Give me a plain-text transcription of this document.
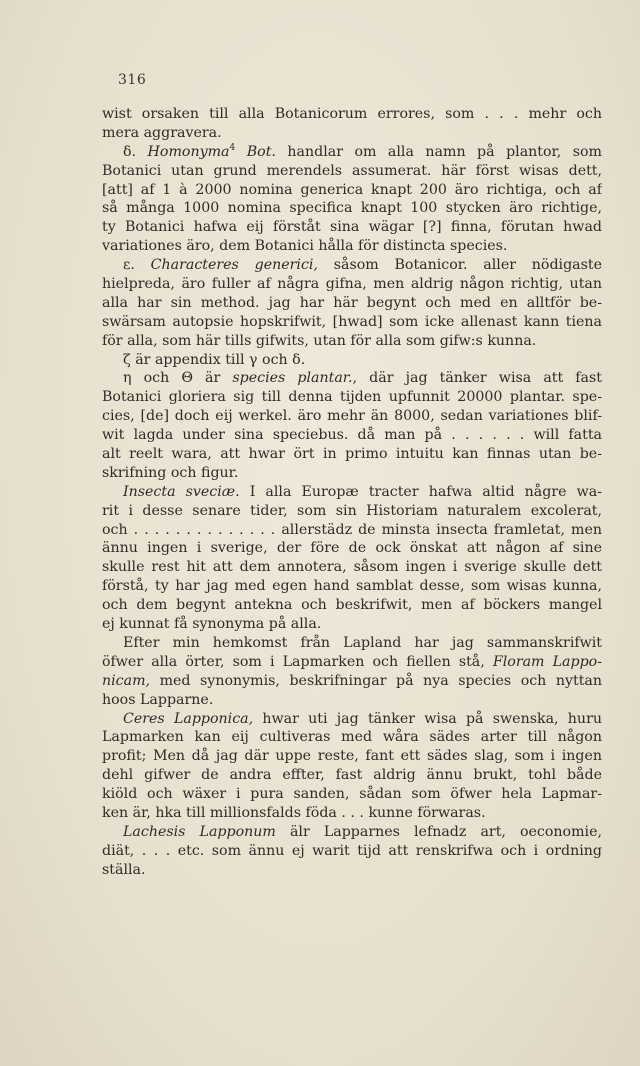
316
wist orsaken till alla Botanicorum errores, som . . . mehr och
mera aggravera.
δ. Homonyma$^4$ Bot. handlar om alla namn på plantor, som
Botanici utan grund merendels assumerat. här först wisas dett,
[att] af 1 à 2000 nomina generica knapt 200 äro richtiga, och af
så många 1000 nomina specifica knapt 100 stycken äro richtige,
ty Botanici hafwa eij förståt sina wägar [?] finna, förutan hwad
variationes äro, dem Botanici hålla för distincta species.
ε. Characteres generici, såsom Botanicor. aller nödigaste
hielpreda, äro fuller af några gifna, men aldrig någon richtig, utan
alla har sin method. jag har här begynt och med en alltför be-
swärsam autopsie hopskrifwit, [hwad] som icke allenast kann tiena
för alla, som här tills gifwits, utan för alla som gifw:s kunna.
ζ är appendix till γ och δ.
η och Θ är species plantar., där jag tänker wisa att fast
Botanici gloriera sig till denna tijden upfunnit 20000 plantar. spe-
cies, [de] doch eij werkel. äro mehr än 8000, sedan variationes blif-
wit lagda under sina speciebus. då man på . . . . . . will fatta
alt reelt wara, att hwar ört in primo intuitu kan finnas utan be-
skrifning och figur.
Insecta sveciæ. I alla Europæ tracter hafwa altid någre wa-
rit i desse senare tider, som sin Historiam naturalem excolerat,
och . . . . . . . . . . . . . . allerstädz de minsta insecta framletat, men
ännu ingen i sverige, der före de ock önskat att någon af sine
skulle rest hit att dem annotera, såsom ingen i sverige skulle dett
förstå, ty har jag med egen hand samblat desse, som wisas kunna,
och dem begynt antekna och beskrifwit, men af böckers mangel
ej kunnat få synonyma på alla.
Efter min hemkomst från Lapland har jag sammanskrifwit
öfwer alla örter, som i Lapmarken och fiellen stå, Floram Lappo-
nicam, med synonymis, beskrifningar på nya species och nyttan
hoos Lapparne.
Ceres Lapponica, hwar uti jag tänker wisa på swenska, huru
Lapmarken kan eij cultiveras med wåra sädes arter till någon
profit; Men då jag där uppe reste, fant ett sädes slag, som i ingen
dehl gifwer de andra effter, fast aldrig ännu brukt, tohl både
kiöld och wäxer i pura sanden, sådan som öfwer hela Lapmar-
ken är, hka till millionsfalds föda . . . kunne förwaras.
Lachesis Lapponum älr Lapparnes lefnadz art, oeconomie,
diät, . . . etc. som ännu ej warit tijd att renskrifwa och i ordning
ställa.
